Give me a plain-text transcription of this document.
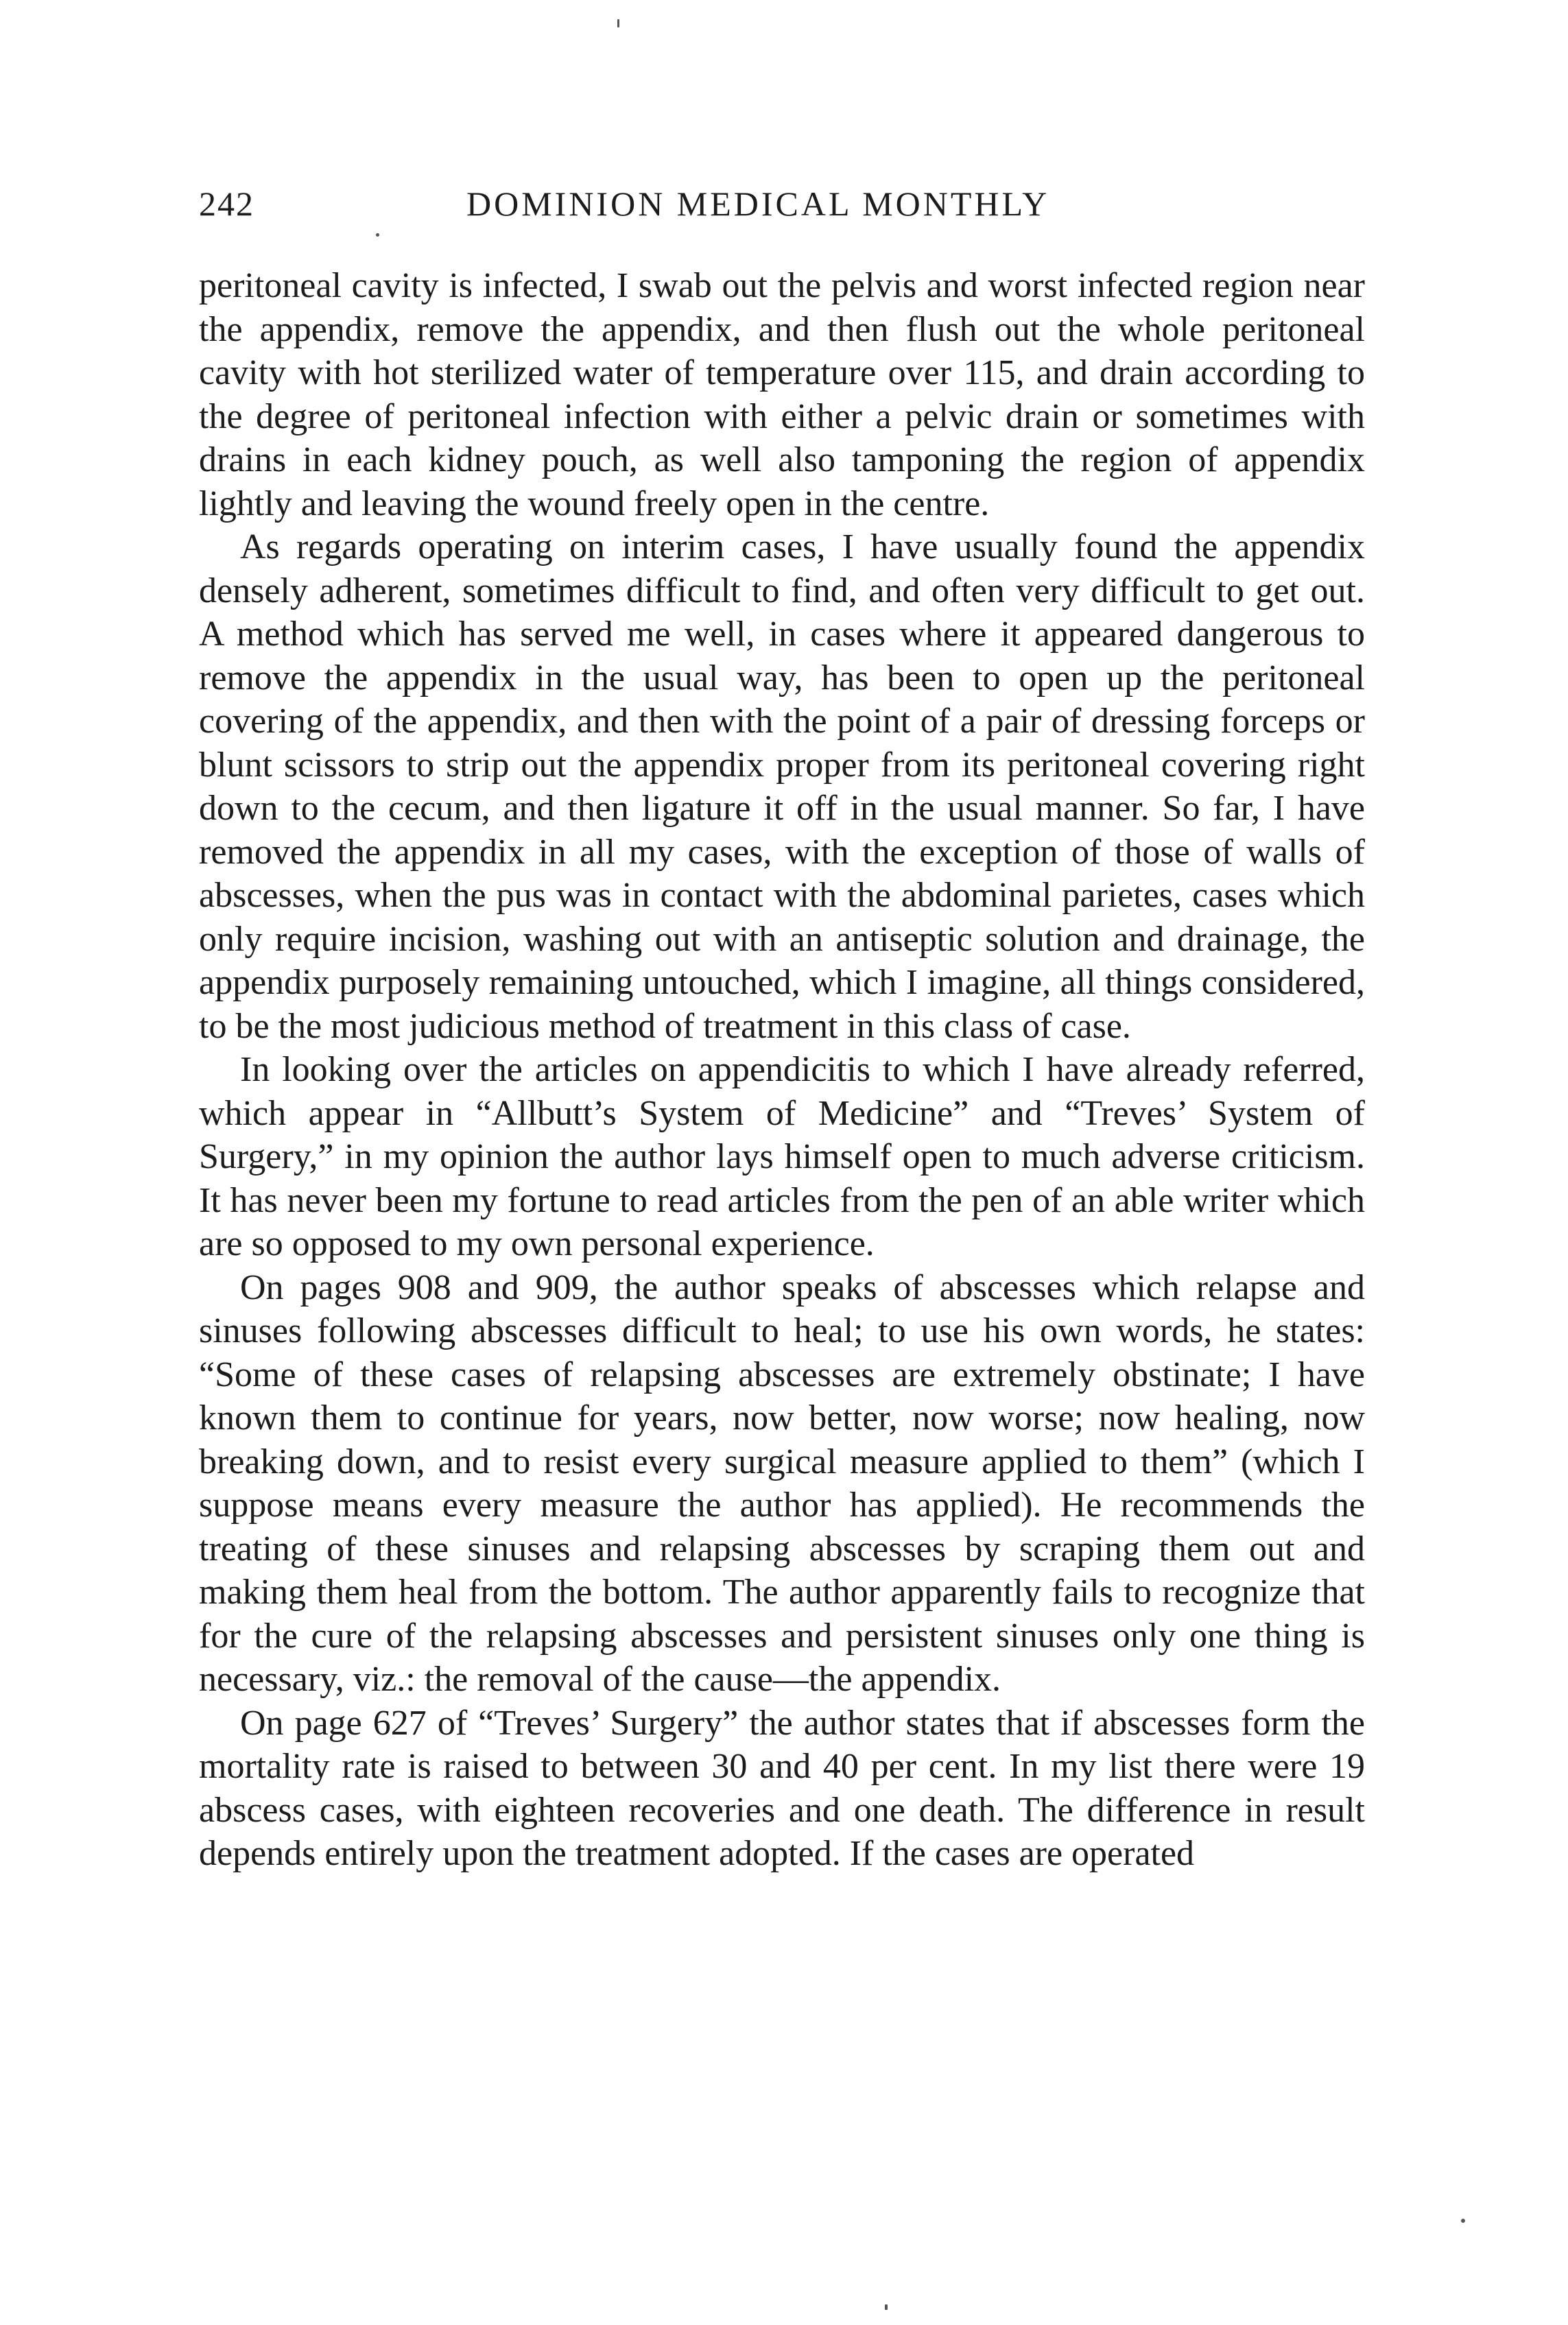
242	DOMINION MEDICAL MONTHLY

peritoneal cavity is infected, I swab out the pelvis and worst infected region near the appendix, remove the appendix, and then flush out the whole peritoneal cavity with hot sterilized water of temperature over 115, and drain according to the degree of peritoneal infection with either a pelvic drain or sometimes with drains in each kidney pouch, as well also tamponing the region of appendix lightly and leaving the wound freely open in the centre.

As regards operating on interim cases, I have usually found the appendix densely adherent, sometimes difficult to find, and often very difficult to get out. A method which has served me well, in cases where it appeared dangerous to remove the appendix in the usual way, has been to open up the peritoneal covering of the appendix, and then with the point of a pair of dressing forceps or blunt scissors to strip out the appendix proper from its peritoneal covering right down to the cecum, and then ligature it off in the usual manner. So far, I have removed the appendix in all my cases, with the exception of those of walls of abscesses, when the pus was in contact with the abdominal parietes, cases which only require incision, washing out with an antiseptic solution and drainage, the appendix purposely remaining untouched, which I imagine, all things considered, to be the most judicious method of treatment in this class of case.

In looking over the articles on appendicitis to which I have already referred, which appear in “Allbutt’s System of Medicine” and “Treves’ System of Surgery,” in my opinion the author lays himself open to much adverse criticism. It has never been my fortune to read articles from the pen of an able writer which are so opposed to my own personal experience.

On pages 908 and 909, the author speaks of abscesses which relapse and sinuses following abscesses difficult to heal; to use his own words, he states: “Some of these cases of relapsing abscesses are extremely obstinate; I have known them to continue for years, now better, now worse; now healing, now breaking down, and to resist every surgical measure applied to them” (which I suppose means every measure the author has applied). He recommends the treating of these sinuses and relapsing abscesses by scraping them out and making them heal from the bottom. The author apparently fails to recognize that for the cure of the relapsing abscesses and persistent sinuses only one thing is necessary, viz.: the removal of the cause—the appendix.

On page 627 of “Treves’ Surgery” the author states that if abscesses form the mortality rate is raised to between 30 and 40 per cent. In my list there were 19 abscess cases, with eighteen recoveries and one death. The difference in result depends entirely upon the treatment adopted. If the cases are operated
